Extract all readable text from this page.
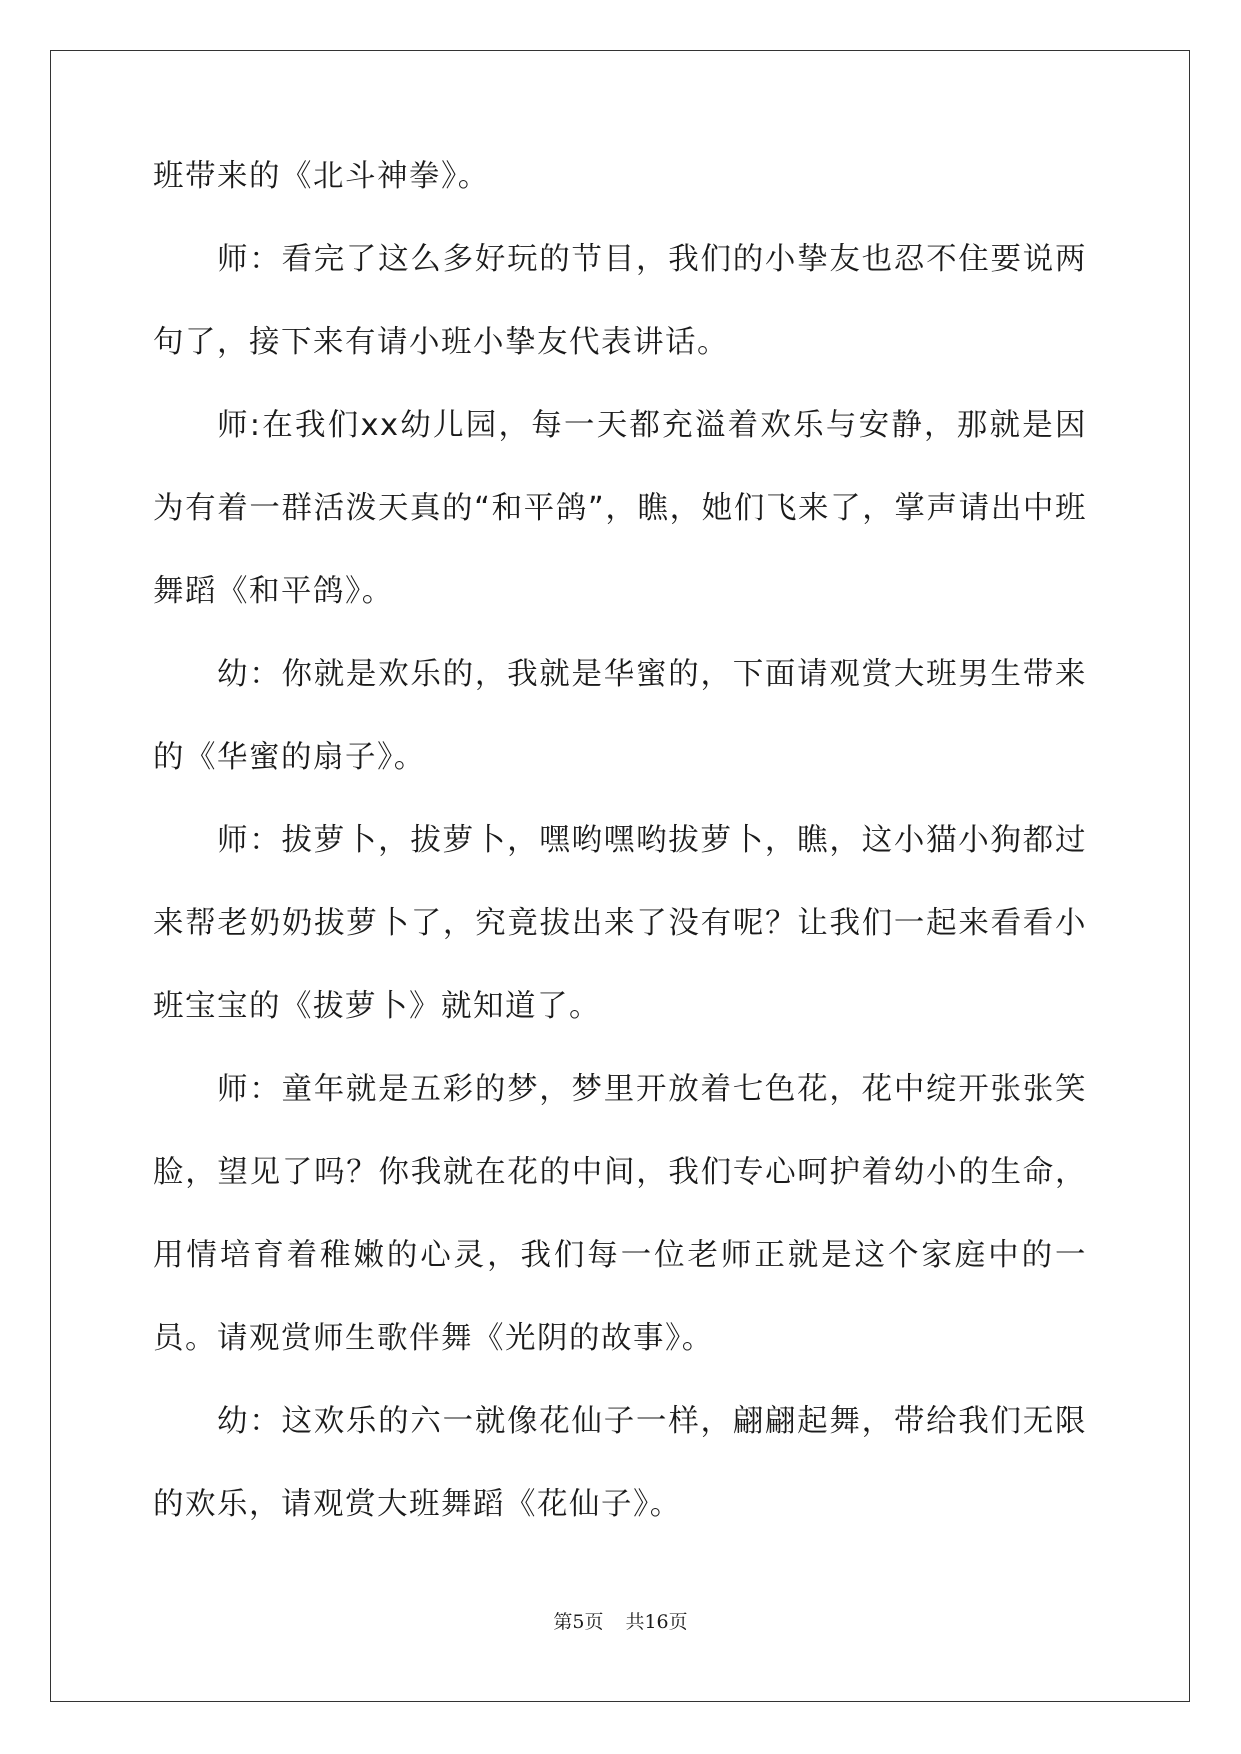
班带来的《北斗神拳》。

师：看完了这么多好玩的节目，我们的小挚友也忍不住要说两句了，接下来有请小班小挚友代表讲话。

师:在我们xx幼儿园，每一天都充溢着欢乐与安静，那就是因为有着一群活泼天真的“和平鸽”，瞧，她们飞来了，掌声请出中班舞蹈《和平鸽》。

幼：你就是欢乐的，我就是华蜜的，下面请观赏大班男生带来的《华蜜的扇子》。

师：拔萝卜，拔萝卜，嘿哟嘿哟拔萝卜，瞧，这小猫小狗都过来帮老奶奶拔萝卜了，究竟拔出来了没有呢？让我们一起来看看小班宝宝的《拔萝卜》就知道了。

师：童年就是五彩的梦，梦里开放着七色花，花中绽开张张笑脸，望见了吗？你我就在花的中间，我们专心呵护着幼小的生命，用情培育着稚嫩的心灵，我们每一位老师正就是这个家庭中的一员。请观赏师生歌伴舞《光阴的故事》。

幼：这欢乐的六一就像花仙子一样，翩翩起舞，带给我们无限的欢乐，请观赏大班舞蹈《花仙子》。

第5页 共16页
